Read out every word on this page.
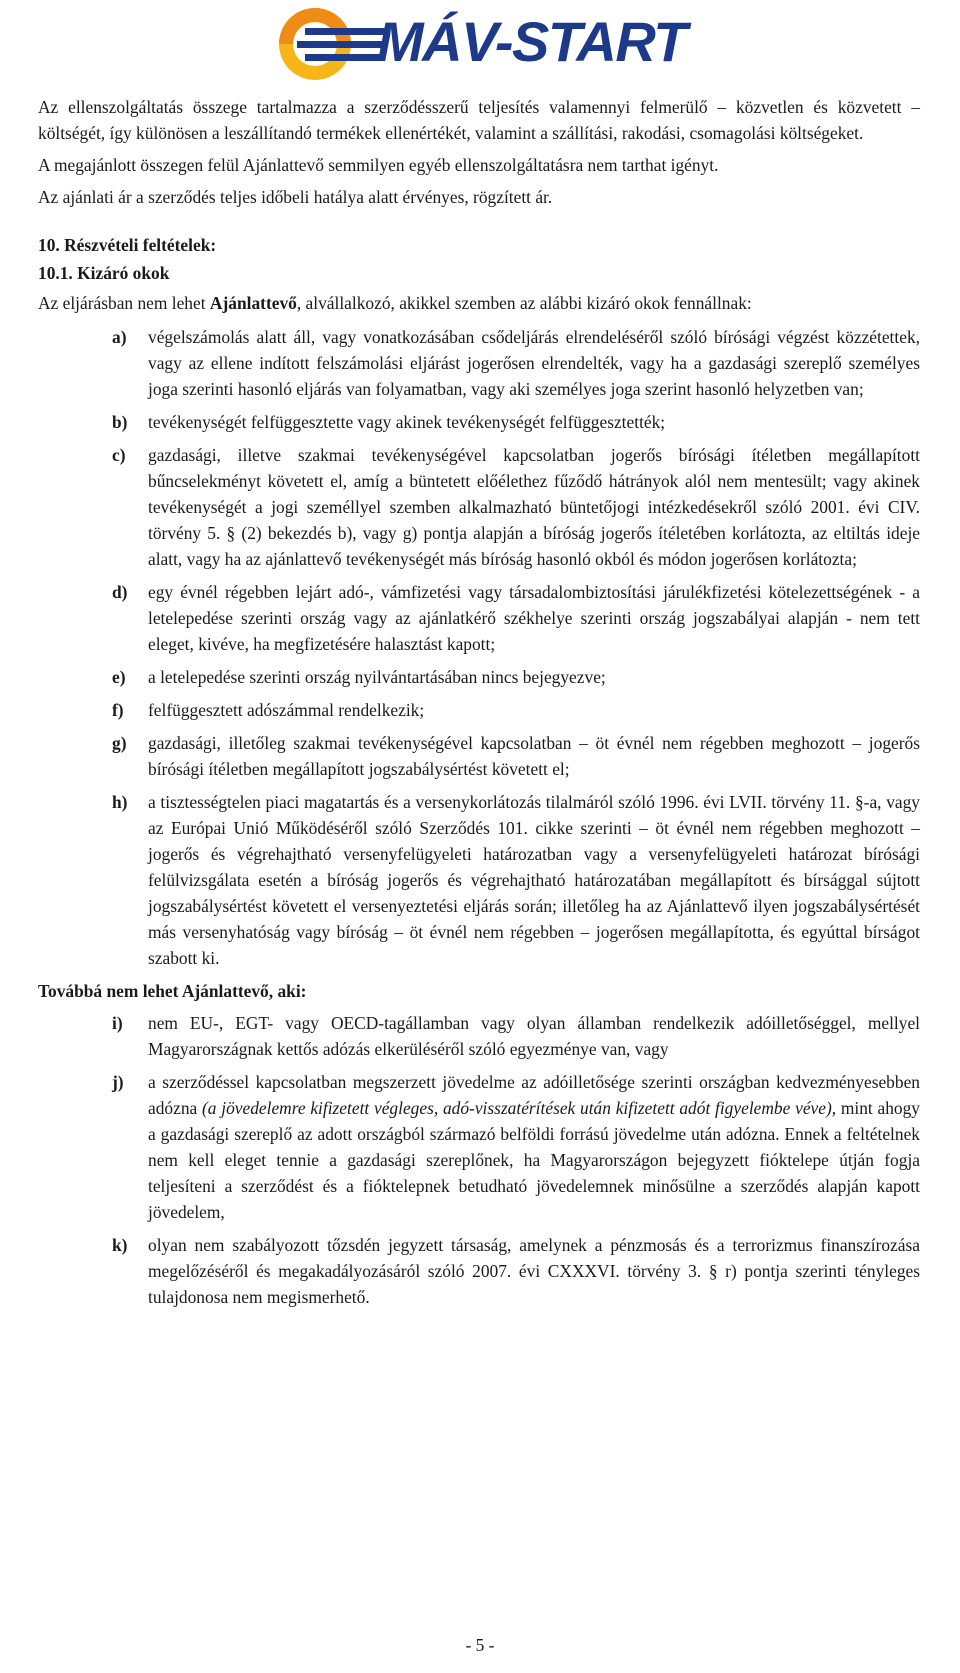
MÁV-START

Az ellenszolgáltatás összege tartalmazza a szerződésszerű teljesítés valamennyi felmerülő – közvetlen és közvetett – költségét, így különösen a leszállítandó termékek ellenértékét, valamint a szállítási, rakodási, csomagolási költségeket.

A megajánlott összegen felül Ajánlattevő semmilyen egyéb ellenszolgáltatásra nem tarthat igényt.

Az ajánlati ár a szerződés teljes időbeli hatálya alatt érvényes, rögzített ár.

10. Részvételi feltételek:

10.1. Kizáró okok

Az eljárásban nem lehet Ajánlattevő, alvállalkozó, akikkel szemben az alábbi kizáró okok fennállnak:

a)	végelszámolás alatt áll, vagy vonatkozásában csődeljárás elrendeléséről szóló bírósági végzést közzétettek, vagy az ellene indított felszámolási eljárást jogerősen elrendelték, vagy ha a gazdasági szereplő személyes joga szerinti hasonló eljárás van folyamatban, vagy aki személyes joga szerint hasonló helyzetben van;
b)	tevékenységét felfüggesztette vagy akinek tevékenységét felfüggesztették;
c)	gazdasági, illetve szakmai tevékenységével kapcsolatban jogerős bírósági ítéletben megállapított bűncselekményt követett el, amíg a büntetett előélethez fűződő hátrányok alól nem mentesült; vagy akinek tevékenységét a jogi személlyel szemben alkalmazható büntetőjogi intézkedésekről szóló 2001. évi CIV. törvény 5. § (2) bekezdés b), vagy g) pontja alapján a bíróság jogerős ítéletében korlátozta, az eltiltás ideje alatt, vagy ha az ajánlattevő tevékenységét más bíróság hasonló okból és módon jogerősen korlátozta;
d)	egy évnél régebben lejárt adó-, vámfizetési vagy társadalombiztosítási járulékfizetési kötelezettségének - a letelepedése szerinti ország vagy az ajánlatkérő székhelye szerinti ország jogszabályai alapján - nem tett eleget, kivéve, ha megfizetésére halasztást kapott;
e)	a letelepedése szerinti ország nyilvántartásában nincs bejegyezve;
f)	felfüggesztett adószámmal rendelkezik;
g)	gazdasági, illetőleg szakmai tevékenységével kapcsolatban – öt évnél nem régebben meghozott – jogerős bírósági ítéletben megállapított jogszabálysértést követett el;
h)	a tisztességtelen piaci magatartás és a versenykorlátozás tilalmáról szóló 1996. évi LVII. törvény 11. §-a, vagy az Európai Unió Működéséről szóló Szerződés 101. cikke szerinti – öt évnél nem régebben meghozott – jogerős és végrehajtható versenyfelügyeleti határozatban vagy a versenyfelügyeleti határozat bírósági felülvizsgálata esetén a bíróság jogerős és végrehajtható határozatában megállapított és bírsággal sújtott jogszabálysértést követett el versenyeztetési eljárás során; illetőleg ha az Ajánlattevő ilyen jogszabálysértését más versenyhatóság vagy bíróság – öt évnél nem régebben – jogerősen megállapította, és egyúttal bírságot szabott ki.

Továbbá nem lehet Ajánlattevő, aki:

i)	nem EU-, EGT- vagy OECD-tagállamban vagy olyan államban rendelkezik adóilletőséggel, mellyel Magyarországnak kettős adózás elkerüléséről szóló egyezménye van, vagy
j)	a szerződéssel kapcsolatban megszerzett jövedelme az adóilletősége szerinti országban kedvezményesebben adózna (a jövedelemre kifizetett végleges, adó-visszatérítések után kifizetett adót figyelembe véve), mint ahogy a gazdasági szereplő az adott országból származó belföldi forrású jövedelme után adózna. Ennek a feltételnek nem kell eleget tennie a gazdasági szereplőnek, ha Magyarországon bejegyzett fióktelepe útján fogja teljesíteni a szerződést és a fióktelepnek betudható jövedelemnek minősülne a szerződés alapján kapott jövedelem,
k)	olyan nem szabályozott tőzsdén jegyzett társaság, amelynek a pénzmosás és a terrorizmus finanszírozása megelőzéséről és megakadályozásáról szóló 2007. évi CXXXVI. törvény 3. § r) pontja szerinti tényleges tulajdonosa nem megismerhető.
- 5 -
